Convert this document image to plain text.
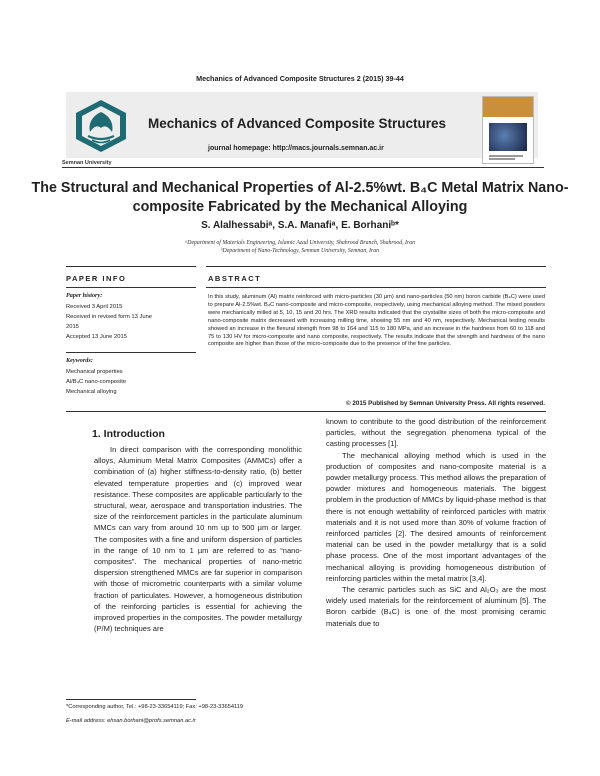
Mechanics of Advanced Composite Structures 2 (2015) 39-44
Semnan University
Mechanics of Advanced Composite Structures
journal homepage: http://macs.journals.semnan.ac.ir
The Structural and Mechanical Properties of Al-2.5%wt. B₄C Metal Matrix Nano-composite Fabricated by the Mechanical Alloying
S. Alalhessabiᵃ, S.A. Manafiᵃ, E. Borhaniᵇ*
ᵃDepartment of Materials Engineering, Islamic Azad University, Shahrood Branch, Shahrood, Iran
ᵇDepartment of Nano-Technology, Semnan University, Semnan, Iran
PAPER INFO	ABSTRACT
Paper history:
Received 3 April 2015
Received in revised form 13 June
2015
Accepted 13 June 2015
Keywords:
Mechanical properties
Al/B₄C nano-composite
Mechanical alloying
In this study, aluminum (Al) matrix reinforced with micro-particles (30 µm) and nano-particles (50 nm) boron carbide (B₄C) were used to prepare Al-2.5%wt. B₄C nano-composite and micro-composite, respectively, using mechanical alloying method. The mixed powders were mechanically milled at 5, 10, 15 and 20 hrs. The XRD results indicated that the crystallite sizes of both the micro-composite and nano-composite matrix decreased with increasing milling time, showing 55 nm and 40 nm, respectively. Mechanical testing results showed an increase in the flexural strength from 98 to 164 and 115 to 180 MPa, and an increase in the hardness from 60 to 118 and 75 to 130 HV for micro-composite and nano composite, respectively. The results indicate that the strength and hardness of the nano composite are higher than those of the micro-composite due to the presence of the fine particles.
© 2015 Published by Semnan University Press. All rights reserved.
1. Introduction

In direct comparison with the corresponding monolithic alloys, Aluminum Metal Matrix Composites (AMMCs) offer a combination of (a) higher stiffness-to-density ratio, (b) better elevated temperature properties and (c) improved wear resistance. These composites are applicable particularly to the structural, wear, aerospace and transportation industries. The size of the reinforcement particles in the particulate aluminum MMCs can vary from around 10 nm up to 500 µm or larger. The composites with a fine and uniform dispersion of particles in the range of 10 nm to 1 µm are referred to as “nano-composites”. The mechanical properties of nano-metric dispersion strengthened MMCs are far superior in comparison with those of micrometric counterparts with a similar volume fraction of particulates. However, a homogeneous distribution of the reinforcing particles is essential for achieving the improved properties in the composites. The powder metallurgy (P/M) techniques are

known to contribute to the good distribution of the reinforcement particles, without the segregation phenomena typical of the casting processes [1].

The mechanical alloying method which is used in the production of composites and nano-composite material is a powder metallurgy process. This method allows the preparation of powder mixtures and homogeneous materials. The biggest problem in the production of MMCs by liquid-phase method is that there is not enough wettability of reinforced particles with matrix materials and it is not used more than 30% of volume fraction of reinforced particles [2]. The desired amounts of reinforcement material can be used in the powder metallurgy that is a solid phase process. One of the most important advantages of the mechanical alloying is providing homogeneous distribution of reinforcing particles within the metal matrix [3,4].

The ceramic particles such as SiC and Al₂O₃ are the most widely used materials for the reinforcement of aluminum [5]. The Boron carbide (B₄C) is one of the most promising ceramic materials due to

*Corresponding author, Tel.: +98-23-33654119; Fax: +98-23-33654119
E-mail address: ehsan.borhani@profs.semnan.ac.ir
